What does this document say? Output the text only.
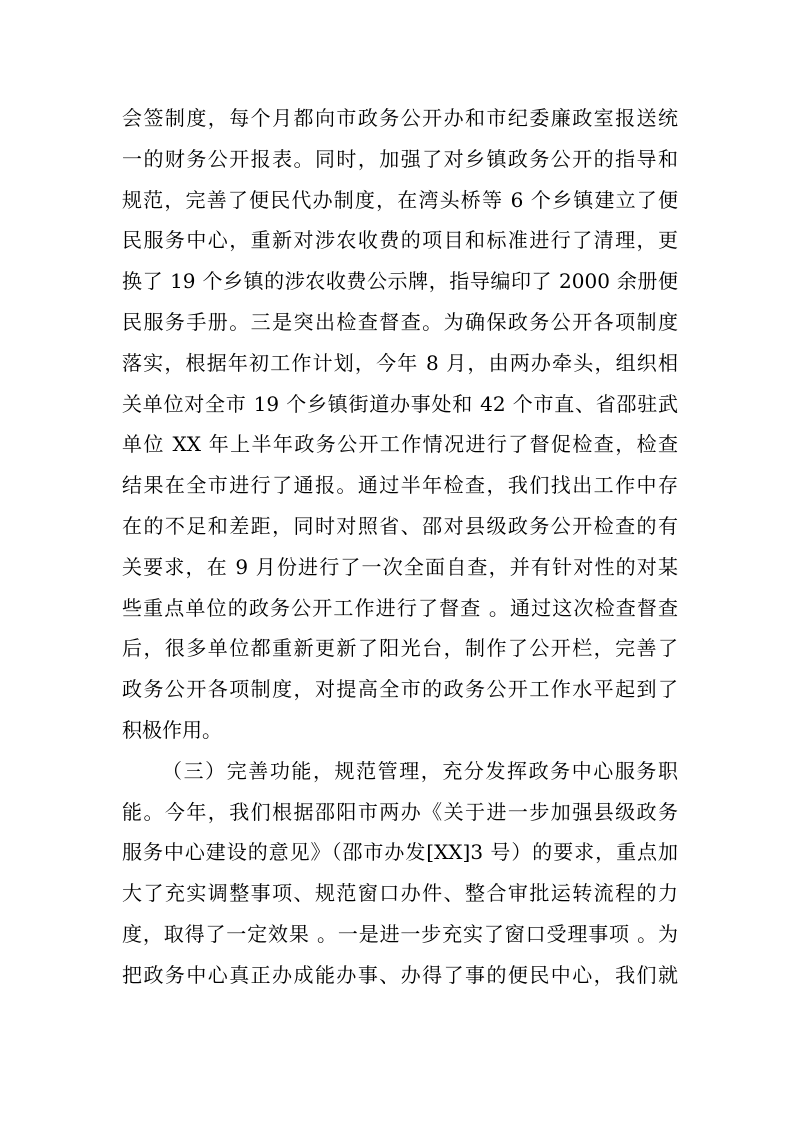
会签制度，每个月都向市政务公开办和市纪委廉政室报送统
一的财务公开报表。同时，加强了对乡镇政务公开的指导和
规范，完善了便民代办制度，在湾头桥等 6 个乡镇建立了便
民服务中心，重新对涉农收费的项目和标准进行了清理，更
换了 19 个乡镇的涉农收费公示牌，指导编印了 2000 余册便
民服务手册。三是突出检查督查。为确保政务公开各项制度
落实，根据年初工作计划，今年 8 月，由两办牵头，组织相
关单位对全市 19 个乡镇街道办事处和 42 个市直、省邵驻武
单位 XX 年上半年政务公开工作情况进行了督促检查，检查
结果在全市进行了通报。通过半年检查，我们找出工作中存
在的不足和差距，同时对照省、邵对县级政务公开检查的有
关要求，在 9 月份进行了一次全面自查，并有针对性的对某
些重点单位的政务公开工作进行了督查 。通过这次检查督查
后，很多单位都重新更新了阳光台，制作了公开栏，完善了
政务公开各项制度，对提高全市的政务公开工作水平起到了
积极作用。
（三）完善功能，规范管理，充分发挥政务中心服务职
能。今年，我们根据邵阳市两办《关于进一步加强县级政务
服务中心建设的意见》（邵市办发[XX]3 号）的要求，重点加
大了充实调整事项、规范窗口办件、整合审批运转流程的力
度，取得了一定效果 。一是进一步充实了窗口受理事项 。为
把政务中心真正办成能办事、办得了事的便民中心，我们就
